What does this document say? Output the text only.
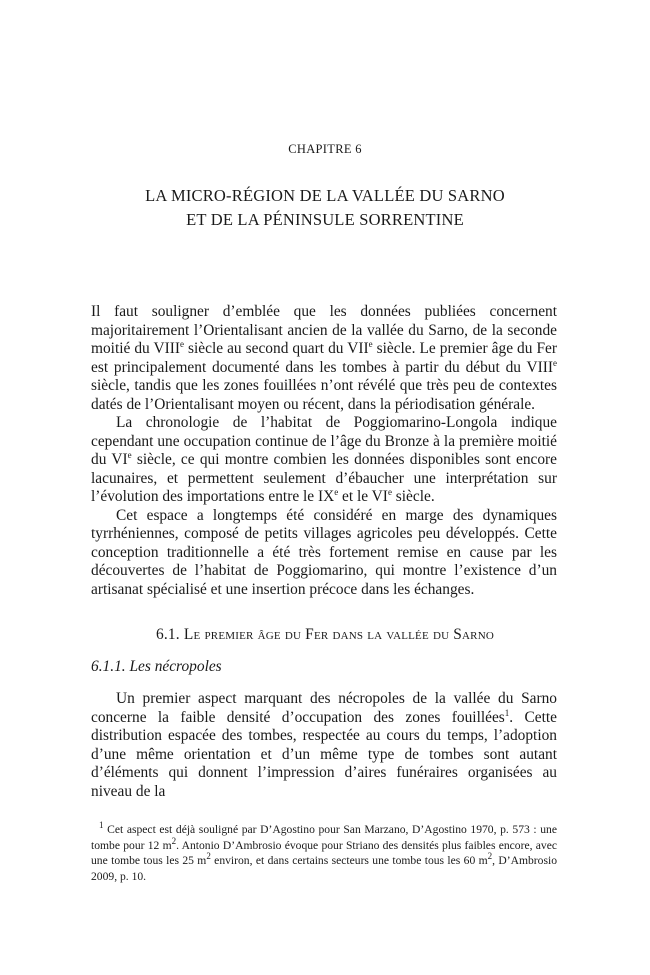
CHAPITRE 6
LA MICRO-RÉGION DE LA VALLÉE DU SARNO
ET DE LA PÉNINSULE SORRENTINE

Il faut souligner d’emblée que les données publiées concernent majoritairement l’Orientalisant ancien de la vallée du Sarno, de la seconde moitié du VIIIe siècle au second quart du VIIe siècle. Le premier âge du Fer est principalement documenté dans les tombes à partir du début du VIIIe siècle, tandis que les zones fouillées n’ont révélé que très peu de contextes datés de l’Orientalisant moyen ou récent, dans la périodisation générale.

La chronologie de l’habitat de Poggiomarino-Longola indique cependant une occupation continue de l’âge du Bronze à la première moitié du VIe siècle, ce qui montre combien les données disponibles sont encore lacunaires, et permettent seulement d’ébaucher une interprétation sur l’évolution des importations entre le IXe et le VIe siècle.

Cet espace a longtemps été considéré en marge des dynamiques tyrrhéniennes, composé de petits villages agricoles peu développés. Cette conception traditionnelle a été très fortement remise en cause par les découvertes de l’habitat de Poggiomarino, qui montre l’existence d’un artisanat spécialisé et une insertion précoce dans les échanges.

6.1. Le premier âge du Fer dans la vallée du Sarno
6.1.1. Les nécropoles

Un premier aspect marquant des nécropoles de la vallée du Sarno concerne la faible densité d’occupation des zones fouillées$^1$. Cette distribution espacée des tombes, respectée au cours du temps, l’adoption d’une même orientation et d’un même type de tombes sont autant d’éléments qui donnent l’impression d’aires funéraires organisées au niveau de la

$^1$ Cet aspect est déjà souligné par D’Agostino pour San Marzano, D’Agostino 1970, p. 573 : une tombe pour 12 $m^2$. Antonio D’Ambrosio évoque pour Striano des densités plus faibles encore, avec une tombe tous les 25 $m^2$ environ, et dans certains secteurs une tombe tous les 60 $m^2$, D’Ambrosio 2009, p. 10.
